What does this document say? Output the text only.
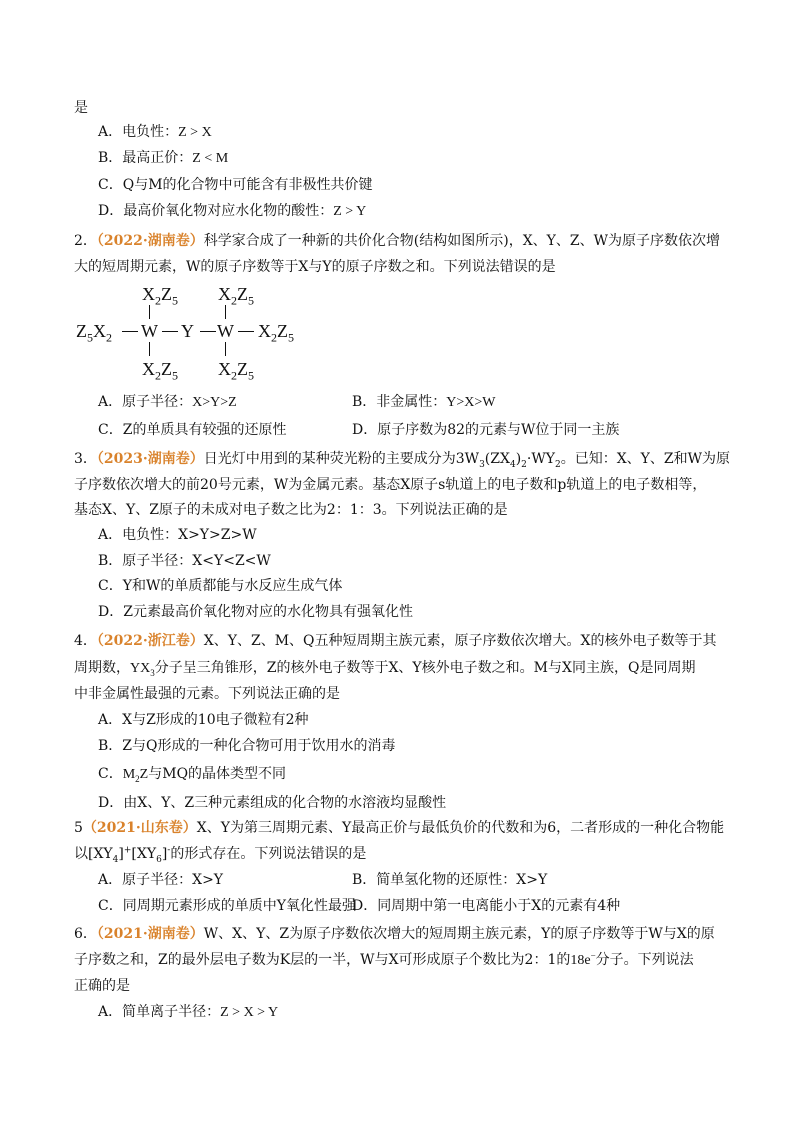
是
A．电负性：Z > X
B．最高正价：Z < M
C．Q与M的化合物中可能含有非极性共价键
D．最高价氧化物对应水化物的酸性：Z > Y
2．（2022·湖南卷）科学家合成了一种新的共价化合物(结构如图所示)，X、Y、Z、W为原子序数依次增
大的短周期元素，W的原子序数等于X与Y的原子序数之和。下列说法错误的是
$X_2Z_5$ $X_2Z_5$
$Z_5X_2$ W Y W $X_2Z_5$
$X_2Z_5$ $X_2Z_5$
A．原子半径：X>Y>Z	B．非金属性：Y>X>W
C．Z的单质具有较强的还原性	D．原子序数为82的元素与W位于同一主族
3．（2023·湖南卷）日光灯中用到的某种荧光粉的主要成分为$3W_3(ZX_4)_2\cdot WY_2$。已知：X、Y、Z和W为原
子序数依次增大的前20号元素，W为金属元素。基态X原子s轨道上的电子数和p轨道上的电子数相等，
基态X、Y、Z原子的未成对电子数之比为2：1：3。下列说法正确的是
A．电负性：X>Y>Z>W
B．原子半径：X<Y<Z<W
C．Y和W的单质都能与水反应生成气体
D．Z元素最高价氧化物对应的水化物具有强氧化性
4．（2022·浙江卷）X、Y、Z、M、Q五种短周期主族元素，原子序数依次增大。X的核外电子数等于其
周期数，$YX_3$分子呈三角锥形，Z的核外电子数等于X、Y核外电子数之和。M与X同主族，Q是同周期
中非金属性最强的元素。下列说法正确的是
A．X与Z形成的10电子微粒有2种
B．Z与Q形成的一种化合物可用于饮用水的消毒
C．$M_2Z$与MQ的晶体类型不同
D．由X、Y、Z三种元素组成的化合物的水溶液均显酸性
5（2021·山东卷）X、Y为第三周期元素、Y最高正价与最低负价的代数和为6，二者形成的一种化合物能
以$[XY_4]^+[XY_6]^-$的形式存在。下列说法错误的是
A．原子半径：X>Y	B．简单氢化物的还原性：X>Y
C．同周期元素形成的单质中Y氧化性最强
D．同周期中第一电离能小于X的元素有4种
6．（2021·湖南卷）W、X、Y、Z为原子序数依次增大的短周期主族元素，Y的原子序数等于W与X的原
子序数之和，Z的最外层电子数为K层的一半，W与X可形成原子个数比为2：1的18e−分子。下列说法
正确的是
A．简单离子半径：Z > X > Y
